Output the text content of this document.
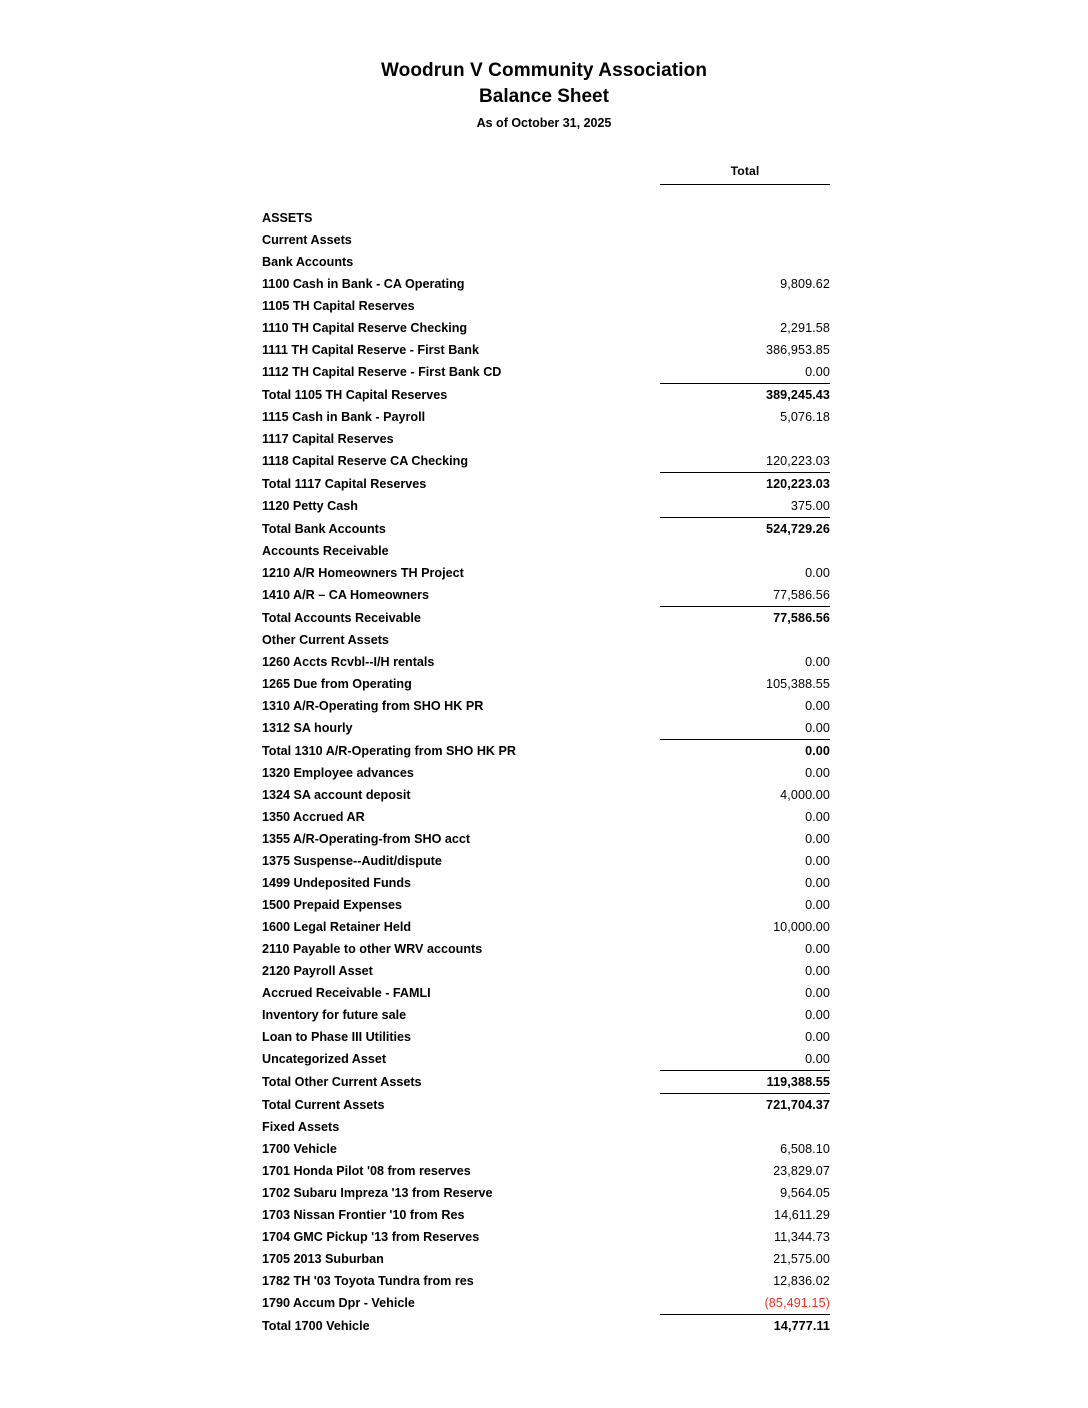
Woodrun V Community Association
Balance Sheet
As of October 31, 2025
	Total

ASSETS	
Current Assets	
Bank Accounts	
1100 Cash in Bank - CA Operating	9,809.62
1105 TH Capital Reserves	
1110 TH Capital Reserve Checking	2,291.58
1111 TH Capital Reserve - First Bank	386,953.85
1112 TH Capital Reserve - First Bank CD	0.00
Total 1105 TH Capital Reserves	389,245.43
1115 Cash in Bank - Payroll	5,076.18
1117 Capital Reserves	
1118 Capital Reserve CA Checking	120,223.03
Total 1117 Capital Reserves	120,223.03
1120 Petty Cash	375.00
Total Bank Accounts	524,729.26
Accounts Receivable	
1210 A/R Homeowners TH Project	0.00
1410 A/R – CA Homeowners	77,586.56
Total Accounts Receivable	77,586.56
Other Current Assets	
1260 Accts Rcvbl--I/H rentals	0.00
1265 Due from Operating	105,388.55
1310 A/R-Operating from SHO HK PR	0.00
1312 SA hourly	0.00
Total 1310 A/R-Operating from SHO HK PR	0.00
1320 Employee advances	0.00
1324 SA account deposit	4,000.00
1350 Accrued AR	0.00
1355 A/R-Operating-from SHO acct	0.00
1375 Suspense--Audit/dispute	0.00
1499 Undeposited Funds	0.00
1500 Prepaid Expenses	0.00
1600 Legal Retainer Held	10,000.00
2110 Payable to other WRV accounts	0.00
2120 Payroll Asset	0.00
Accrued Receivable - FAMLI	0.00
Inventory for future sale	0.00
Loan to Phase III Utilities	0.00
Uncategorized Asset	0.00
Total Other Current Assets	119,388.55
Total Current Assets	721,704.37
Fixed Assets	
1700 Vehicle	6,508.10
1701 Honda Pilot '08 from reserves	23,829.07
1702 Subaru Impreza '13 from Reserve	9,564.05
1703 Nissan Frontier '10 from Res	14,611.29
1704 GMC Pickup '13 from Reserves	11,344.73
1705 2013 Suburban	21,575.00
1782 TH '03 Toyota Tundra from res	12,836.02
1790 Accum Dpr - Vehicle	(85,491.15)
Total 1700 Vehicle	14,777.11
